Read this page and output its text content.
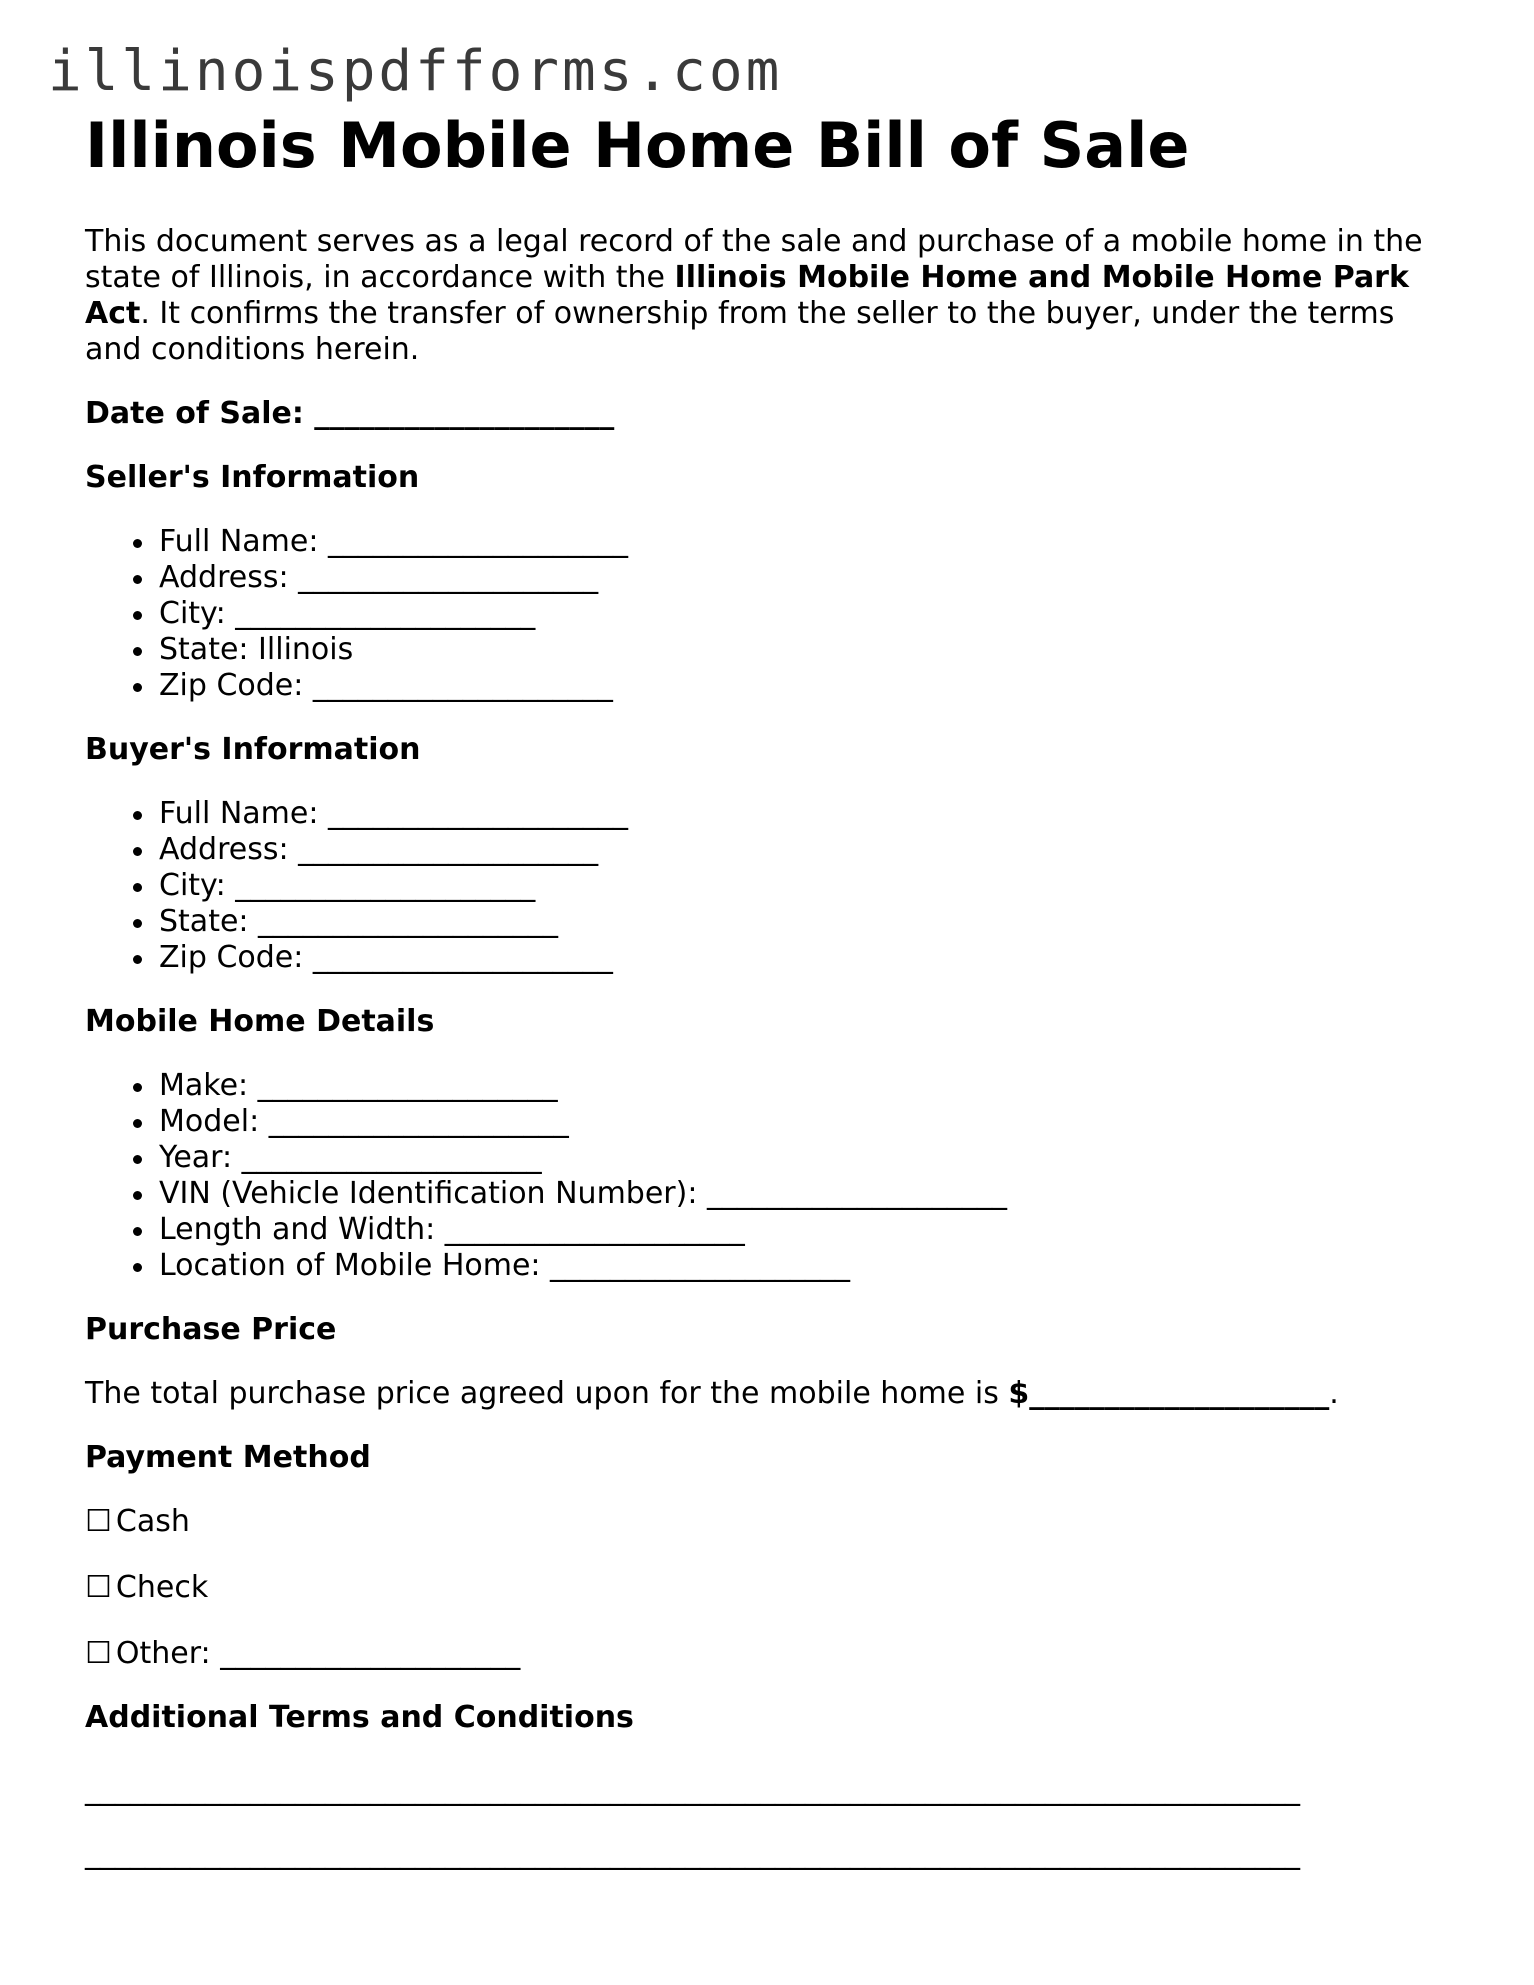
illinoispdfforms.com
Illinois Mobile Home Bill of Sale

This document serves as a legal record of the sale and purchase of a mobile home in the state of Illinois, in accordance with the Illinois Mobile Home and Mobile Home Park Act. It confirms the transfer of ownership from the seller to the buyer, under the terms and conditions herein.

Date of Sale: ____________________

Seller's Information
Full Name: ____________________
Address: ____________________
City: ____________________
State: Illinois
Zip Code: ____________________
Buyer's Information
Full Name: ____________________
Address: ____________________
City: ____________________
State: ____________________
Zip Code: ____________________
Mobile Home Details
Make: ____________________
Model: ____________________
Year: ____________________
VIN (Vehicle Identification Number): ____________________
Length and Width: ____________________
Location of Mobile Home: ____________________
Purchase Price

The total purchase price agreed upon for the mobile home is $____________________.

Payment Method

☐ Cash

☐ Check

☐ Other: ____________________

Additional Terms and Conditions

_________________________________________________________________________________

_________________________________________________________________________________
